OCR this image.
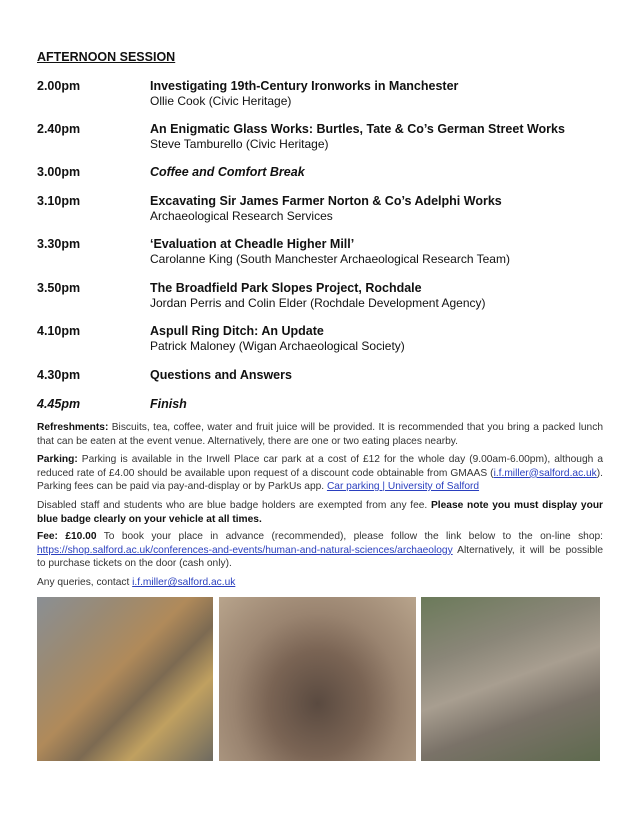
AFTERNOON SESSION
2.00pm	Investigating 19th-Century Ironworks in Manchester
Ollie Cook (Civic Heritage)
2.40pm	An Enigmatic Glass Works: Burtles, Tate & Co’s German Street Works
Steve Tamburello (Civic Heritage)
3.00pm	Coffee and Comfort Break
3.10pm	Excavating Sir James Farmer Norton & Co’s Adelphi Works
Archaeological Research Services
3.30pm	‘Evaluation at Cheadle Higher Mill’
Carolanne King (South Manchester Archaeological Research Team)
3.50pm	The Broadfield Park Slopes Project, Rochdale
Jordan Perris and Colin Elder (Rochdale Development Agency)
4.10pm	Aspull Ring Ditch: An Update
Patrick Maloney (Wigan Archaeological Society)
4.30pm	Questions and Answers
4.45pm	Finish
Refreshments: Biscuits, tea, coffee, water and fruit juice will be provided. It is recommended that you bring a packed lunch that can be eaten at the event venue. Alternatively, there are one or two eating places nearby.
Parking: Parking is available in the Irwell Place car park at a cost of £12 for the whole day (9.00am-6.00pm), although a reduced rate of £4.00 should be available upon request of a discount code obtainable from GMAAS (i.f.miller@salford.ac.uk). Parking fees can be paid via pay-and-display or by ParkUs app. Car parking | University of Salford
Disabled staff and students who are blue badge holders are exempted from any fee. Please note you must display your blue badge clearly on your vehicle at all times.
Fee: £10.00 To book your place in advance (recommended), please follow the link below to the on-line shop: https://shop.salford.ac.uk/conferences-and-events/human-and-natural-sciences/archaeology Alternatively, it will be possible to purchase tickets on the door (cash only).
Any queries, contact i.f.miller@salford.ac.uk
